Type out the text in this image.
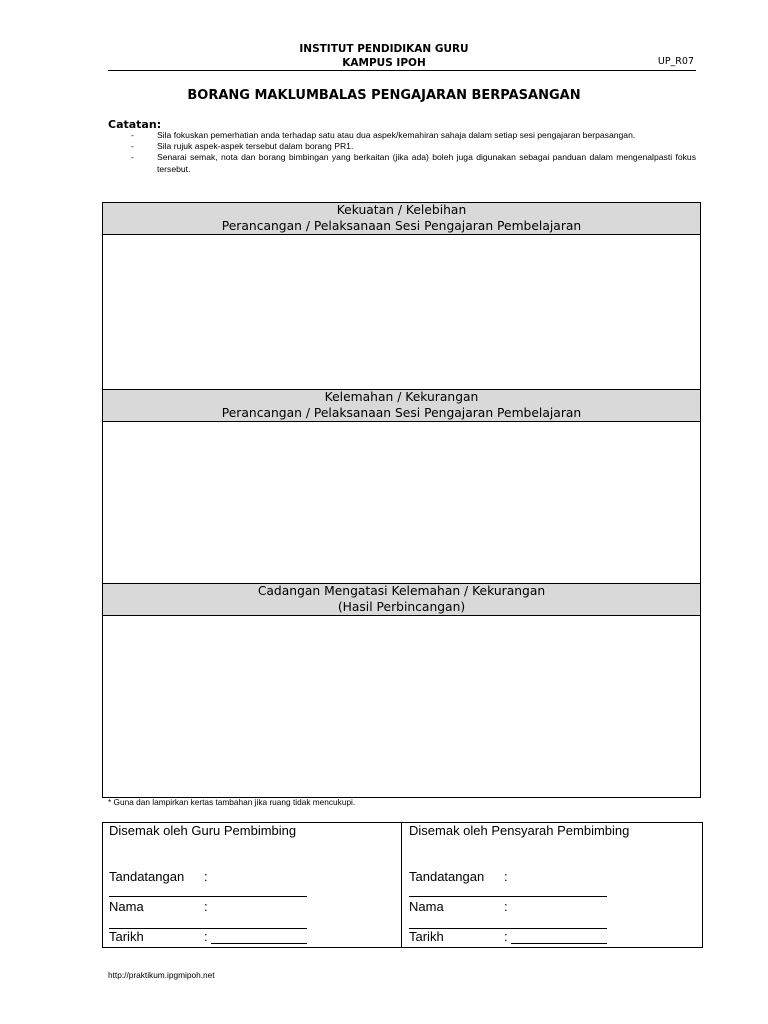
INSTITUT PENDIDIKAN GURU
KAMPUS IPOH	UP_R07
BORANG MAKLUMBALAS PENGAJARAN BERPASANGAN
Catatan:
-	Sila fokuskan pemerhatian anda terhadap satu atau dua aspek/kemahiran sahaja dalam setiap sesi pengajaran berpasangan.
-	Sila rujuk aspek-aspek tersebut dalam borang PR1.
-	Senarai semak, nota dan borang bimbingan yang berkaitan (jika ada) boleh juga digunakan sebagai panduan dalam mengenalpasti fokus tersebut.
Kekuatan / Kelebihan
Perancangan / Pelaksanaan Sesi Pengajaran Pembelajaran
Kelemahan / Kekurangan
Perancangan / Pelaksanaan Sesi Pengajaran Pembelajaran
Cadangan Mengatasi Kelemahan / Kekurangan
(Hasil Perbincangan)
* Guna dan lampirkan kertas tambahan jika ruang tidak mencukupi.
Disemak oleh Guru Pembimbing
Tandatangan :
Nama	:
Tarikh	:
Disemak oleh Pensyarah Pembimbing
Tandatangan :
Nama	:
Tarikh	:
http://praktikum.ipgmipoh.net
